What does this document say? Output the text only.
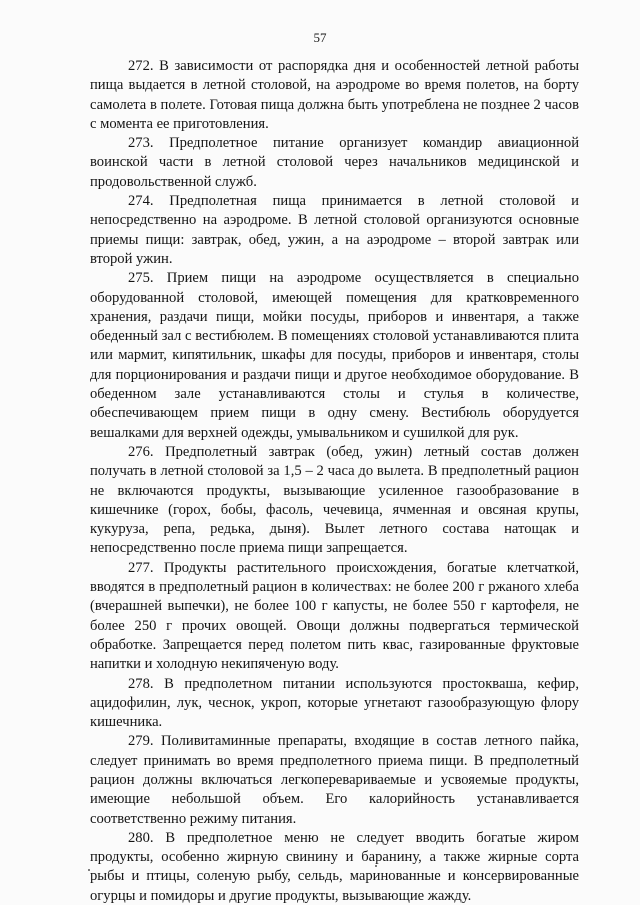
57

272. В зависимости от распорядка дня и особенностей летной работы пища выдается в летной столовой, на аэродроме во время полетов, на борту самолета в полете. Готовая пища должна быть употреблена не позднее 2 часов с момента ее приготовления.

273. Предполетное питание организует командир авиационной воинской части в летной столовой через начальников медицинской и продовольственной служб.

274. Предполетная пища принимается в летной столовой и непосредственно на аэродроме. В летной столовой организуются основные приемы пищи: завтрак, обед, ужин, а на аэродроме – второй завтрак или второй ужин.

275. Прием пищи на аэродроме осуществляется в специально оборудованной столовой, имеющей помещения для кратковременного хранения, раздачи пищи, мойки посуды, приборов и инвентаря, а также обеденный зал с вестибюлем. В помещениях столовой устанавливаются плита или мармит, кипятильник, шкафы для посуды, приборов и инвентаря, столы для порционирования и раздачи пищи и другое необходимое оборудование. В обеденном зале устанавливаются столы и стулья в количестве, обеспечивающем прием пищи в одну смену. Вестибюль оборудуется вешалками для верхней одежды, умывальником и сушилкой для рук.

276. Предполетный завтрак (обед, ужин) летный состав должен получать в летной столовой за 1,5 – 2 часа до вылета. В предполетный рацион не включаются продукты, вызывающие усиленное газообразование в кишечнике (горох, бобы, фасоль, чечевица, ячменная и овсяная крупы, кукуруза, репа, редька, дыня). Вылет летного состава натощак и непосредственно после приема пищи запрещается.

277. Продукты растительного происхождения, богатые клетчаткой, вводятся в предполетный рацион в количествах: не более 200 г ржаного хлеба (вчерашней выпечки), не более 100 г капусты, не более 550 г картофеля, не более 250 г прочих овощей. Овощи должны подвергаться термической обработке. Запрещается перед полетом пить квас, газированные фруктовые напитки и холодную некипяченую воду.

278. В предполетном питании используются простокваша, кефир, ацидофилин, лук, чеснок, укроп, которые угнетают газообразующую флору кишечника.

279. Поливитаминные препараты, входящие в состав летного пайка, следует принимать во время предполетного приема пищи. В предполетный рацион должны включаться легкоперевариваемые и усвояемые продукты, имеющие небольшой объем. Его калорийность устанавливается соответственно режиму питания.

280. В предполетное меню не следует вводить богатые жиром продукты, особенно жирную свинину и баранину, а также жирные сорта рыбы и птицы, соленую рыбу, сельдь, маринованные и консервированные огурцы и помидоры и другие продукты, вызывающие жажду.
